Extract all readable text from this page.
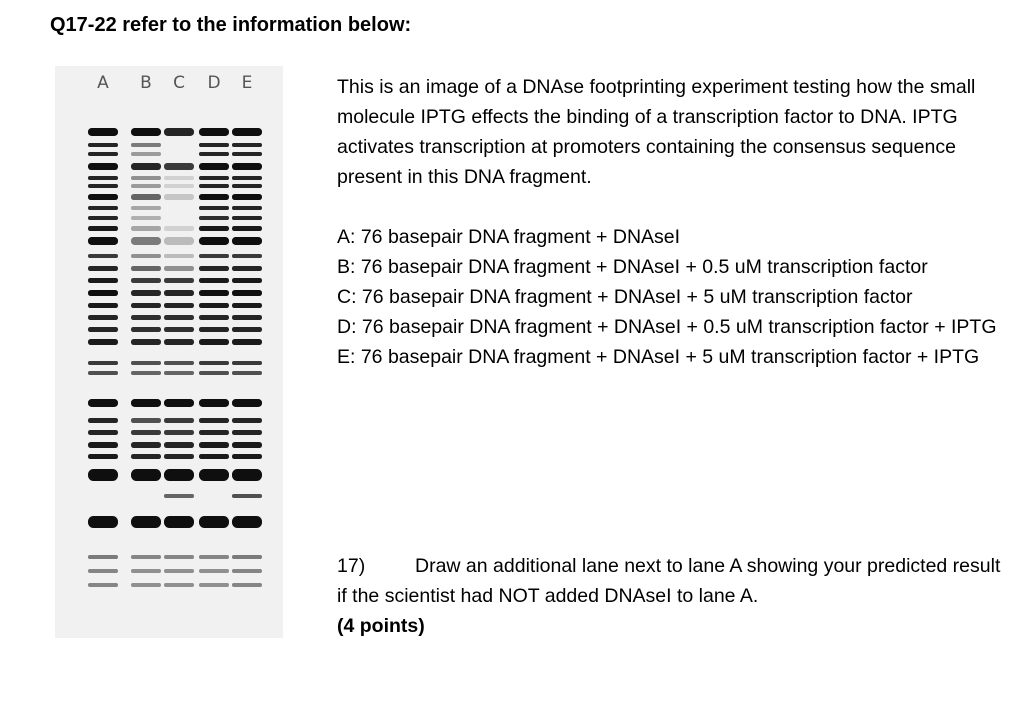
Q17-22 refer to the information below:
A B C D E	This is an image of a DNAse footprinting experiment testing how the small molecule IPTG effects the binding of a transcription factor to DNA. IPTG activates transcription at promoters containing the consensus sequence present in this DNA fragment.

A: 76 basepair DNA fragment + DNAseI

B: 76 basepair DNA fragment + DNAseI + 0.5 uM transcription factor

C: 76 basepair DNA fragment + DNAseI + 5 uM transcription factor

D: 76 basepair DNA fragment + DNAseI + 0.5 uM transcription factor + IPTG

E: 76 basepair DNA fragment + DNAseI + 5 uM transcription factor + IPTG

17)	Draw an additional lane next to lane A showing your predicted result if the scientist had NOT added DNAseI to lane A.
(4 points)
